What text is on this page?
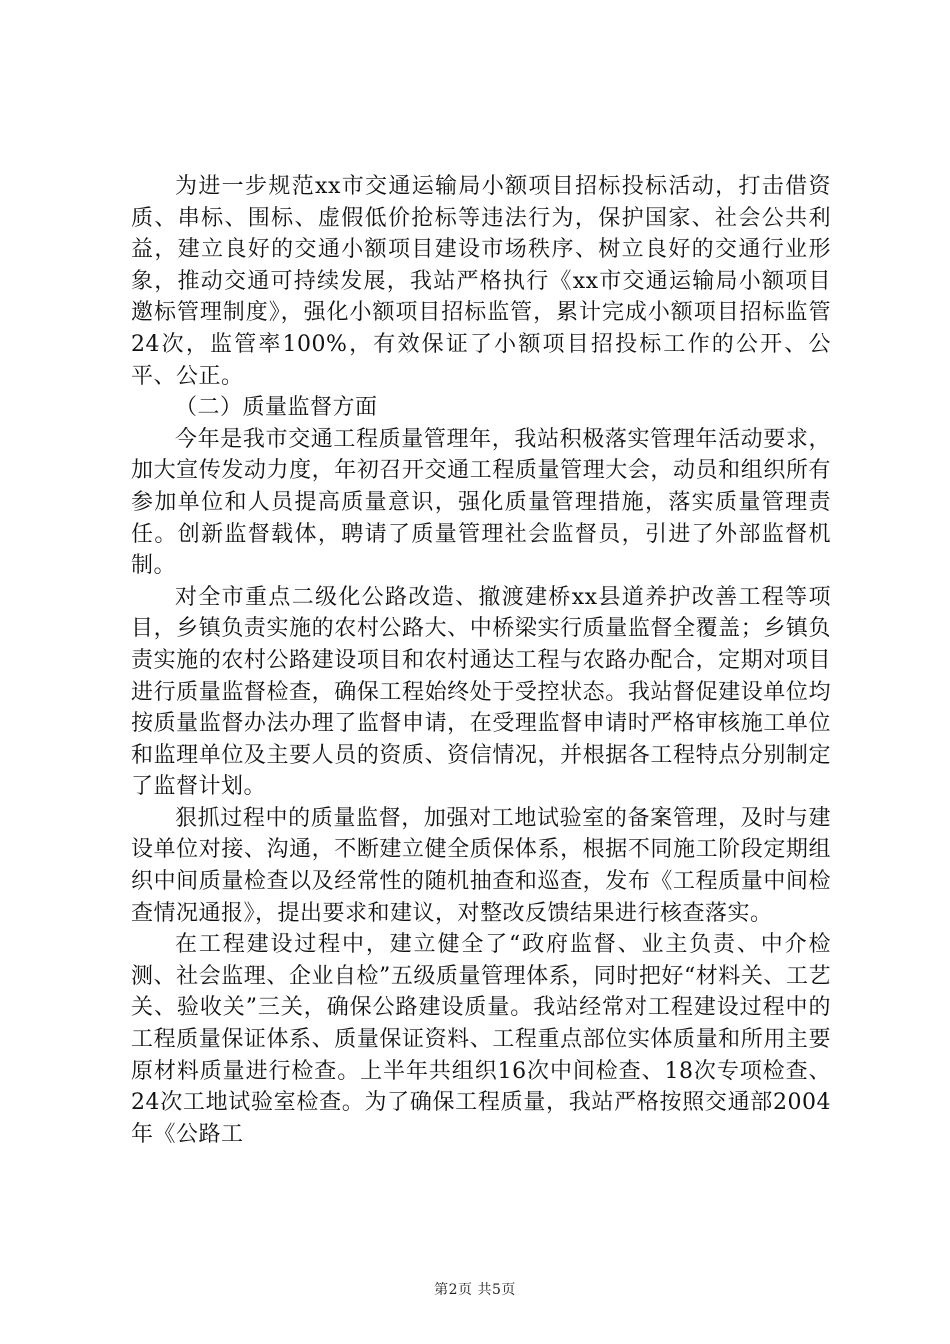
为进一步规范xx市交通运输局小额项目招标投标活动，打击借资质、串标、围标、虚假低价抢标等违法行为，保护国家、社会公共利益，建立良好的交通小额项目建设市场秩序、树立良好的交通行业形象，推动交通可持续发展，我站严格执行《xx市交通运输局小额项目邀标管理制度》，强化小额项目招标监管，累计完成小额项目招标监管24次，监管率100%，有效保证了小额项目招投标工作的公开、公平、公正。

（二）质量监督方面

今年是我市交通工程质量管理年，我站积极落实管理年活动要求，加大宣传发动力度，年初召开交通工程质量管理大会，动员和组织所有参加单位和人员提高质量意识，强化质量管理措施，落实质量管理责任。创新监督载体，聘请了质量管理社会监督员，引进了外部监督机制。

对全市重点二级化公路改造、撤渡建桥xx县道养护改善工程等项目，乡镇负责实施的农村公路大、中桥梁实行质量监督全覆盖；乡镇负责实施的农村公路建设项目和农村通达工程与农路办配合，定期对项目进行质量监督检查，确保工程始终处于受控状态。我站督促建设单位均按质量监督办法办理了监督申请，在受理监督申请时严格审核施工单位和监理单位及主要人员的资质、资信情况，并根据各工程特点分别制定了监督计划。

狠抓过程中的质量监督，加强对工地试验室的备案管理，及时与建设单位对接、沟通，不断建立健全质保体系，根据不同施工阶段定期组织中间质量检查以及经常性的随机抽查和巡查，发布《工程质量中间检查情况通报》，提出要求和建议，对整改反馈结果进行核查落实。

在工程建设过程中，建立健全了“政府监督、业主负责、中介检测、社会监理、企业自检”五级质量管理体系，同时把好“材料关、工艺关、验收关”三关，确保公路建设质量。我站经常对工程建设过程中的工程质量保证体系、质量保证资料、工程重点部位实体质量和所用主要原材料质量进行检查。上半年共组织16次中间检查、18次专项检查、24次工地试验室检查。为了确保工程质量，我站严格按照交通部2004年《公路工

第2页 共5页
